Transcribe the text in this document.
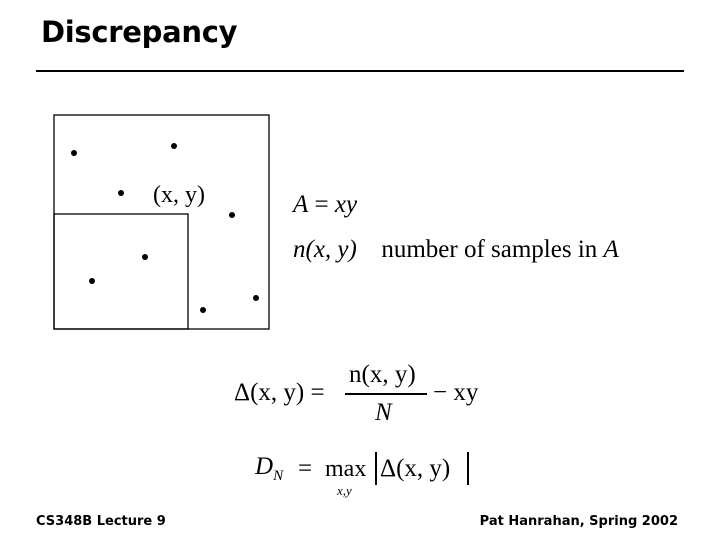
Discrepancy
(x, y)	A = xy
n(x, y) number of samples in A
Δ(x, y) =
n(x, y)
N
− xy
$D_N = \max$
x,y
Δ(x, y)
CS348B Lecture 9	Pat Hanrahan, Spring 2002
